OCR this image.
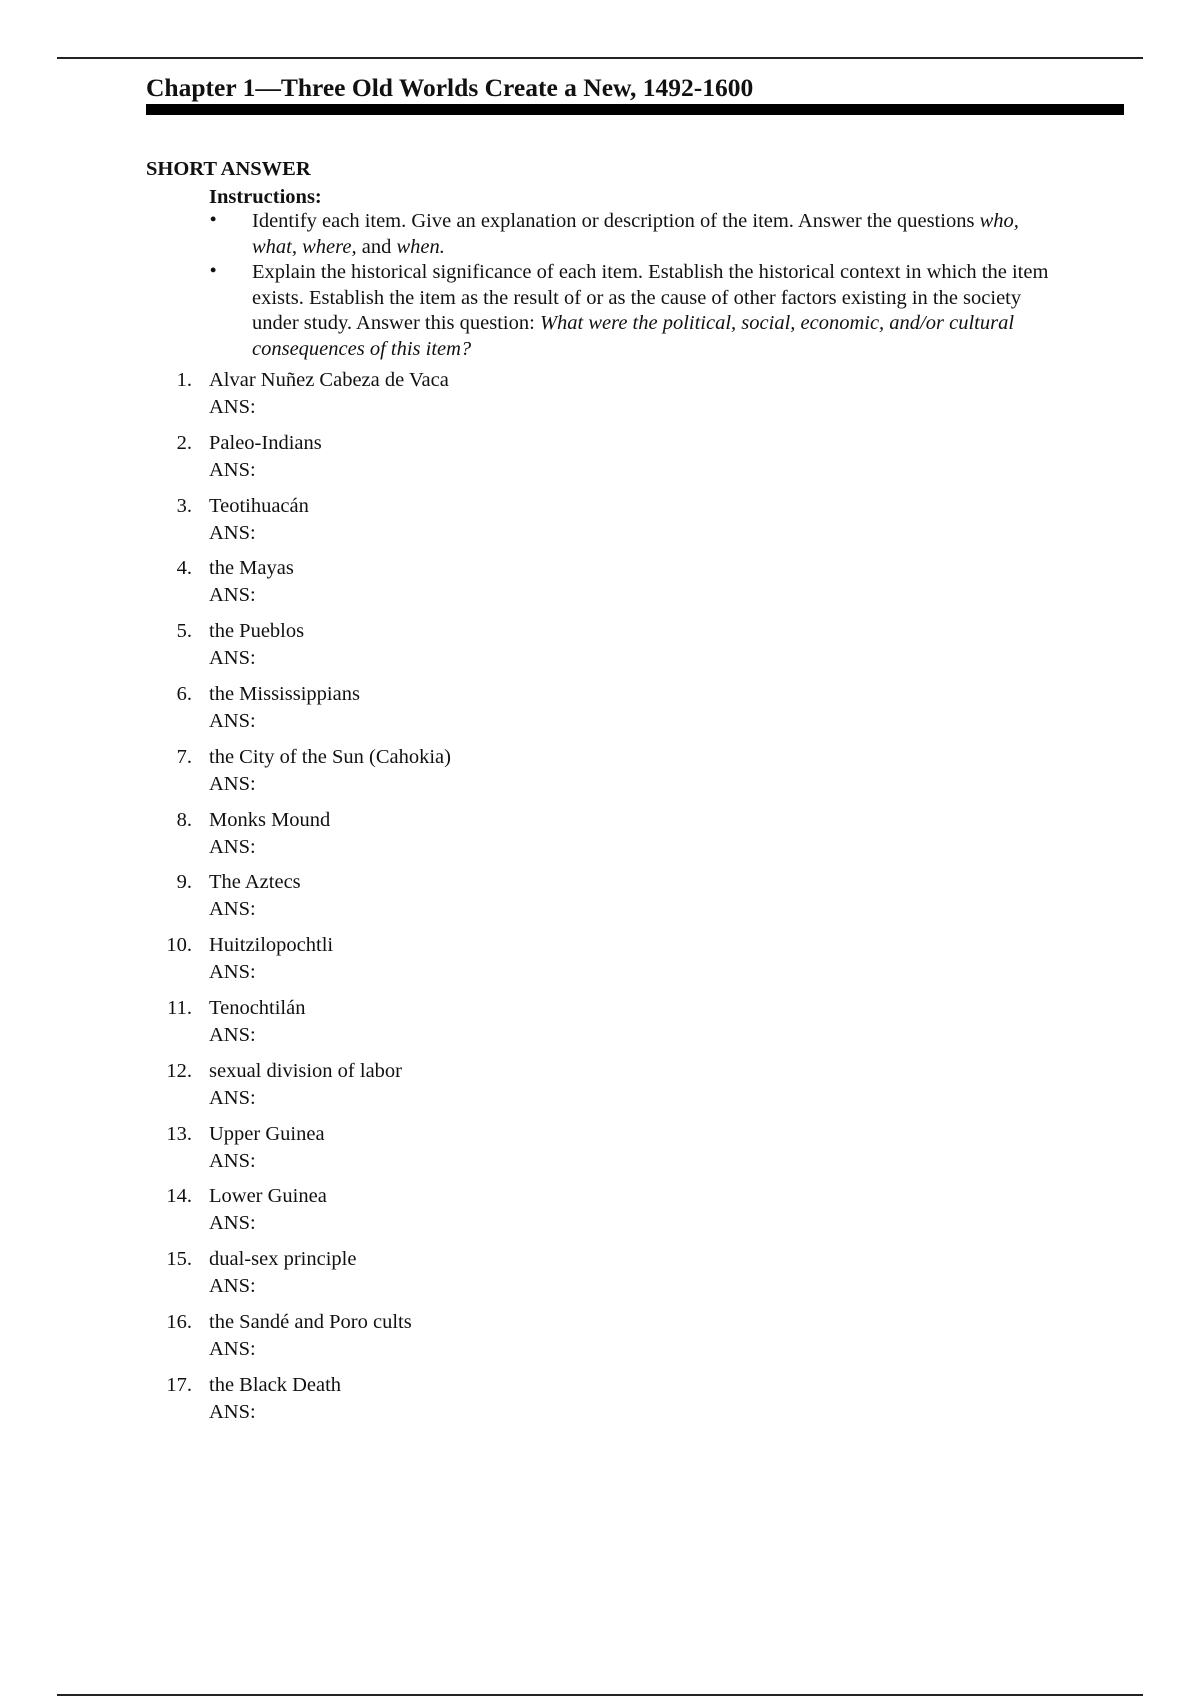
Chapter 1—Three Old Worlds Create a New, 1492-1600
SHORT ANSWER
Instructions:
• Identify each item. Give an explanation or description of the item. Answer the questions who, what, where, and when.
• Explain the historical significance of each item. Establish the historical context in which the item exists. Establish the item as the result of or as the cause of other factors existing in the society under study. Answer this question: What were the political, social, economic, and/or cultural consequences of this item?
1. Alvar Nuñez Cabeza de Vaca
ANS:
2. Paleo-Indians
ANS:
3. Teotihuacán
ANS:
4. the Mayas
ANS:
5. the Pueblos
ANS:
6. the Mississippians
ANS:
7. the City of the Sun (Cahokia)
ANS:
8. Monks Mound
ANS:
9. The Aztecs
ANS:
10. Huitzilopochtli
ANS:
11. Tenochtilán
ANS:
12. sexual division of labor
ANS:
13. Upper Guinea
ANS:
14. Lower Guinea
ANS:
15. dual-sex principle
ANS:
16. the Sandé and Poro cults
ANS:
17. the Black Death
ANS:
